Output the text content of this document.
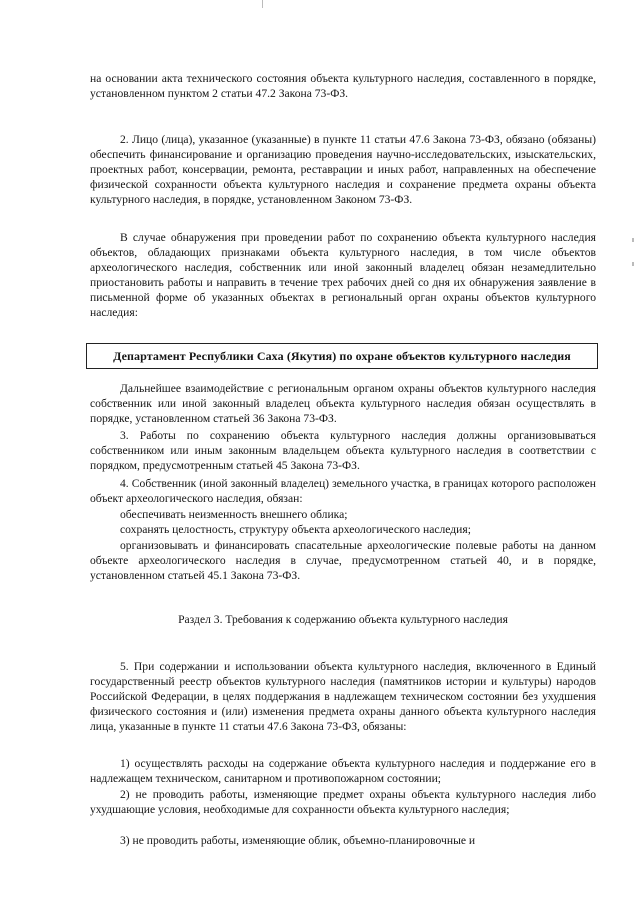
на основании акта технического состояния объекта культурного наследия, составленного в порядке, установленном пунктом 2 статьи 47.2 Закона 73-ФЗ.
2. Лицо (лица), указанное (указанные) в пункте 11 статьи 47.6 Закона 73-ФЗ, обязано (обязаны) обеспечить финансирование и организацию проведения научно-исследовательских, изыскательских, проектных работ, консервации, ремонта, реставрации и иных работ, направленных на обеспечение физической сохранности объекта культурного наследия и сохранение предмета охраны объекта культурного наследия, в порядке, установленном Законом 73-ФЗ.
В случае обнаружения при проведении работ по сохранению объекта культурного наследия объектов, обладающих признаками объекта культурного наследия, в том числе объектов археологического наследия, собственник или иной законный владелец обязан незамедлительно приостановить работы и направить в течение трех рабочих дней со дня их обнаружения заявление в письменной форме об указанных объектах в региональный орган охраны объектов культурного наследия:
Департамент Республики Саха (Якутия) по охране объектов культурного наследия
Дальнейшее взаимодействие с региональным органом охраны объектов культурного наследия собственник или иной законный владелец объекта культурного наследия обязан осуществлять в порядке, установленном статьей 36 Закона 73-ФЗ.
3. Работы по сохранению объекта культурного наследия должны организовываться собственником или иным законным владельцем объекта культурного наследия в соответствии с порядком, предусмотренным статьей 45 Закона 73-ФЗ.
4. Собственник (иной законный владелец) земельного участка, в границах которого расположен объект археологического наследия, обязан:
обеспечивать неизменность внешнего облика;
сохранять целостность, структуру объекта археологического наследия;
организовывать и финансировать спасательные археологические полевые работы на данном объекте археологического наследия в случае, предусмотренном статьей 40, и в порядке, установленном статьей 45.1 Закона 73-ФЗ.
Раздел 3. Требования к содержанию объекта культурного наследия
5. При содержании и использовании объекта культурного наследия, включенного в Единый государственный реестр объектов культурного наследия (памятников истории и культуры) народов Российской Федерации, в целях поддержания в надлежащем техническом состоянии без ухудшения физического состояния и (или) изменения предмета охраны данного объекта культурного наследия лица, указанные в пункте 11 статьи 47.6 Закона 73-ФЗ, обязаны:
1) осуществлять расходы на содержание объекта культурного наследия и поддержание его в надлежащем техническом, санитарном и противопожарном состоянии;
2) не проводить работы, изменяющие предмет охраны объекта культурного наследия либо ухудшающие условия, необходимые для сохранности объекта культурного наследия;
3) не проводить работы, изменяющие облик, объемно-планировочные и
